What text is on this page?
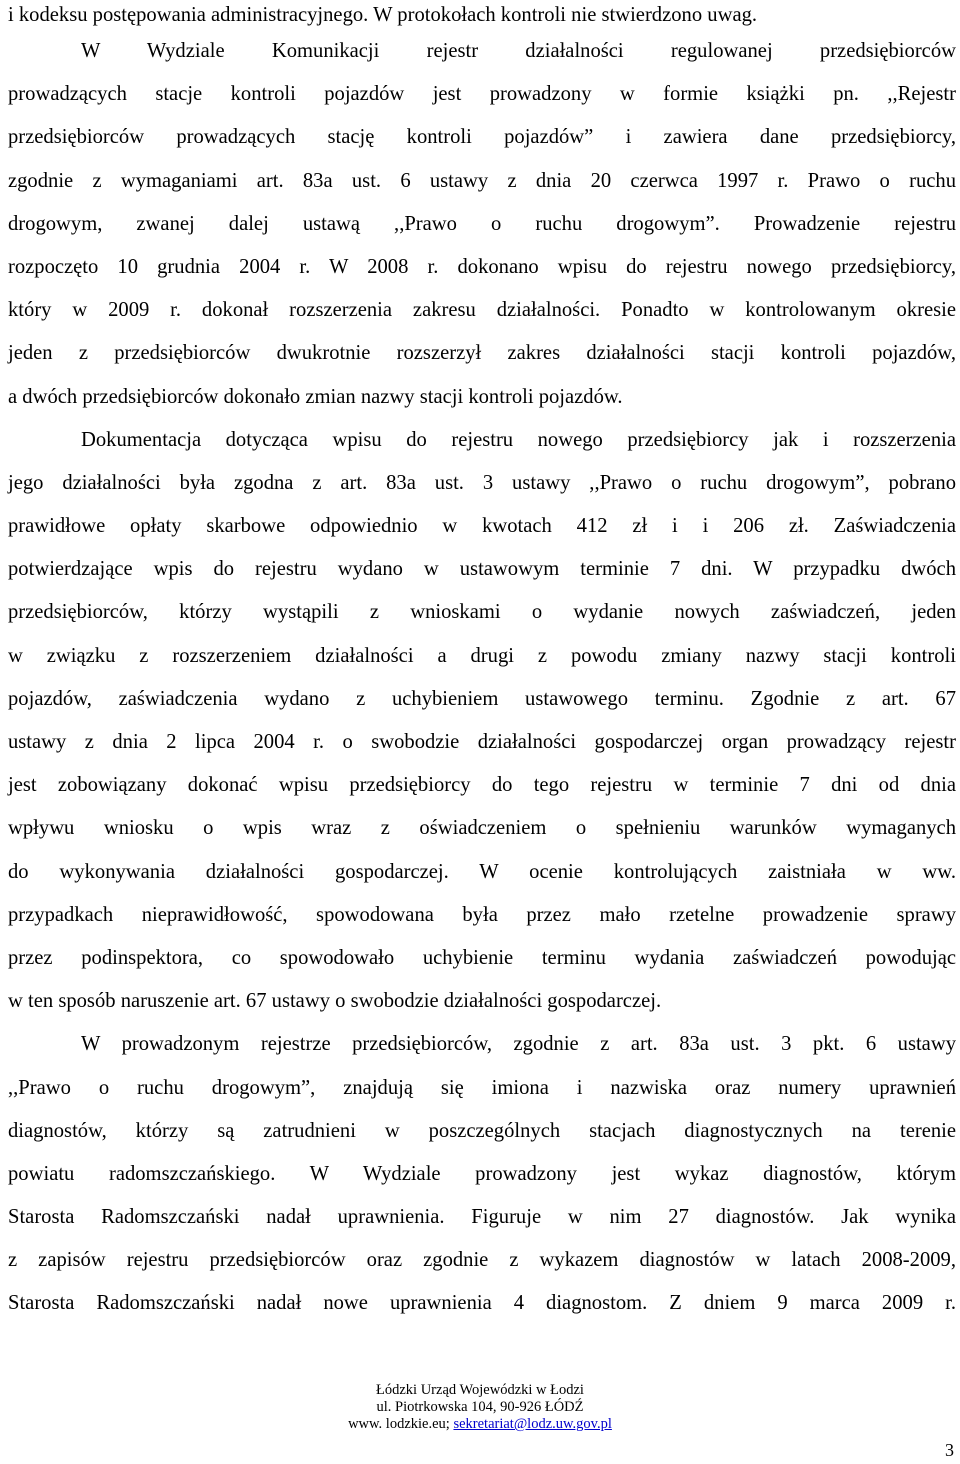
i kodeksu postępowania administracyjnego. W protokołach kontroli nie stwierdzono uwag.
W Wydziale Komunikacji rejestr działalności regulowanej przedsiębiorców
prowadzących stacje kontroli pojazdów jest prowadzony w formie książki pn. ,,Rejestr
przedsiębiorców prowadzących stację kontroli pojazdów” i zawiera dane przedsiębiorcy,
zgodnie z wymaganiami art. 83a ust. 6 ustawy z dnia 20 czerwca 1997 r. Prawo o ruchu
drogowym, zwanej dalej ustawą ,,Prawo o ruchu drogowym”. Prowadzenie rejestru
rozpoczęto 10 grudnia 2004 r. W 2008 r. dokonano wpisu do rejestru nowego przedsiębiorcy,
który w 2009 r. dokonał rozszerzenia zakresu działalności. Ponadto w kontrolowanym okresie
jeden z przedsiębiorców dwukrotnie rozszerzył zakres działalności stacji kontroli pojazdów,
a dwóch przedsiębiorców dokonało zmian nazwy stacji kontroli pojazdów.
Dokumentacja dotycząca wpisu do rejestru nowego przedsiębiorcy jak i rozszerzenia
jego działalności była zgodna z art. 83a ust. 3 ustawy ,,Prawo o ruchu drogowym”, pobrano
prawidłowe opłaty skarbowe odpowiednio w kwotach 412 zł i i 206 zł. Zaświadczenia
potwierdzające wpis do rejestru wydano w ustawowym terminie 7 dni. W przypadku dwóch
przedsiębiorców, którzy wystąpili z wnioskami o wydanie nowych zaświadczeń, jeden
w związku z rozszerzeniem działalności a drugi z powodu zmiany nazwy stacji kontroli
pojazdów, zaświadczenia wydano z uchybieniem ustawowego terminu. Zgodnie z art. 67
ustawy z dnia 2 lipca 2004 r. o swobodzie działalności gospodarczej organ prowadzący rejestr
jest zobowiązany dokonać wpisu przedsiębiorcy do tego rejestru w terminie 7 dni od dnia
wpływu wniosku o wpis wraz z oświadczeniem o spełnieniu warunków wymaganych
do wykonywania działalności gospodarczej. W ocenie kontrolujących zaistniała w ww.
przypadkach nieprawidłowość, spowodowana była przez mało rzetelne prowadzenie sprawy
przez podinspektora, co spowodowało uchybienie terminu wydania zaświadczeń powodując
w ten sposób naruszenie art. 67 ustawy o swobodzie działalności gospodarczej.
W prowadzonym rejestrze przedsiębiorców, zgodnie z art. 83a ust. 3 pkt. 6 ustawy
,,Prawo o ruchu drogowym”, znajdują się imiona i nazwiska oraz numery uprawnień
diagnostów, którzy są zatrudnieni w poszczególnych stacjach diagnostycznych na terenie
powiatu radomszczańskiego. W Wydziale prowadzony jest wykaz diagnostów, którym
Starosta Radomszczański nadał uprawnienia. Figuruje w nim 27 diagnostów. Jak wynika
z zapisów rejestru przedsiębiorców oraz zgodnie z wykazem diagnostów w latach 2008-2009,
Starosta Radomszczański nadał nowe uprawnienia 4 diagnostom. Z dniem 9 marca 2009 r.
Łódzki Urząd Wojewódzki w Łodzi
ul. Piotrkowska 104, 90-926 ŁÓDŹ
www. lodzkie.eu; sekretariat@lodz.uw.gov.pl
3
